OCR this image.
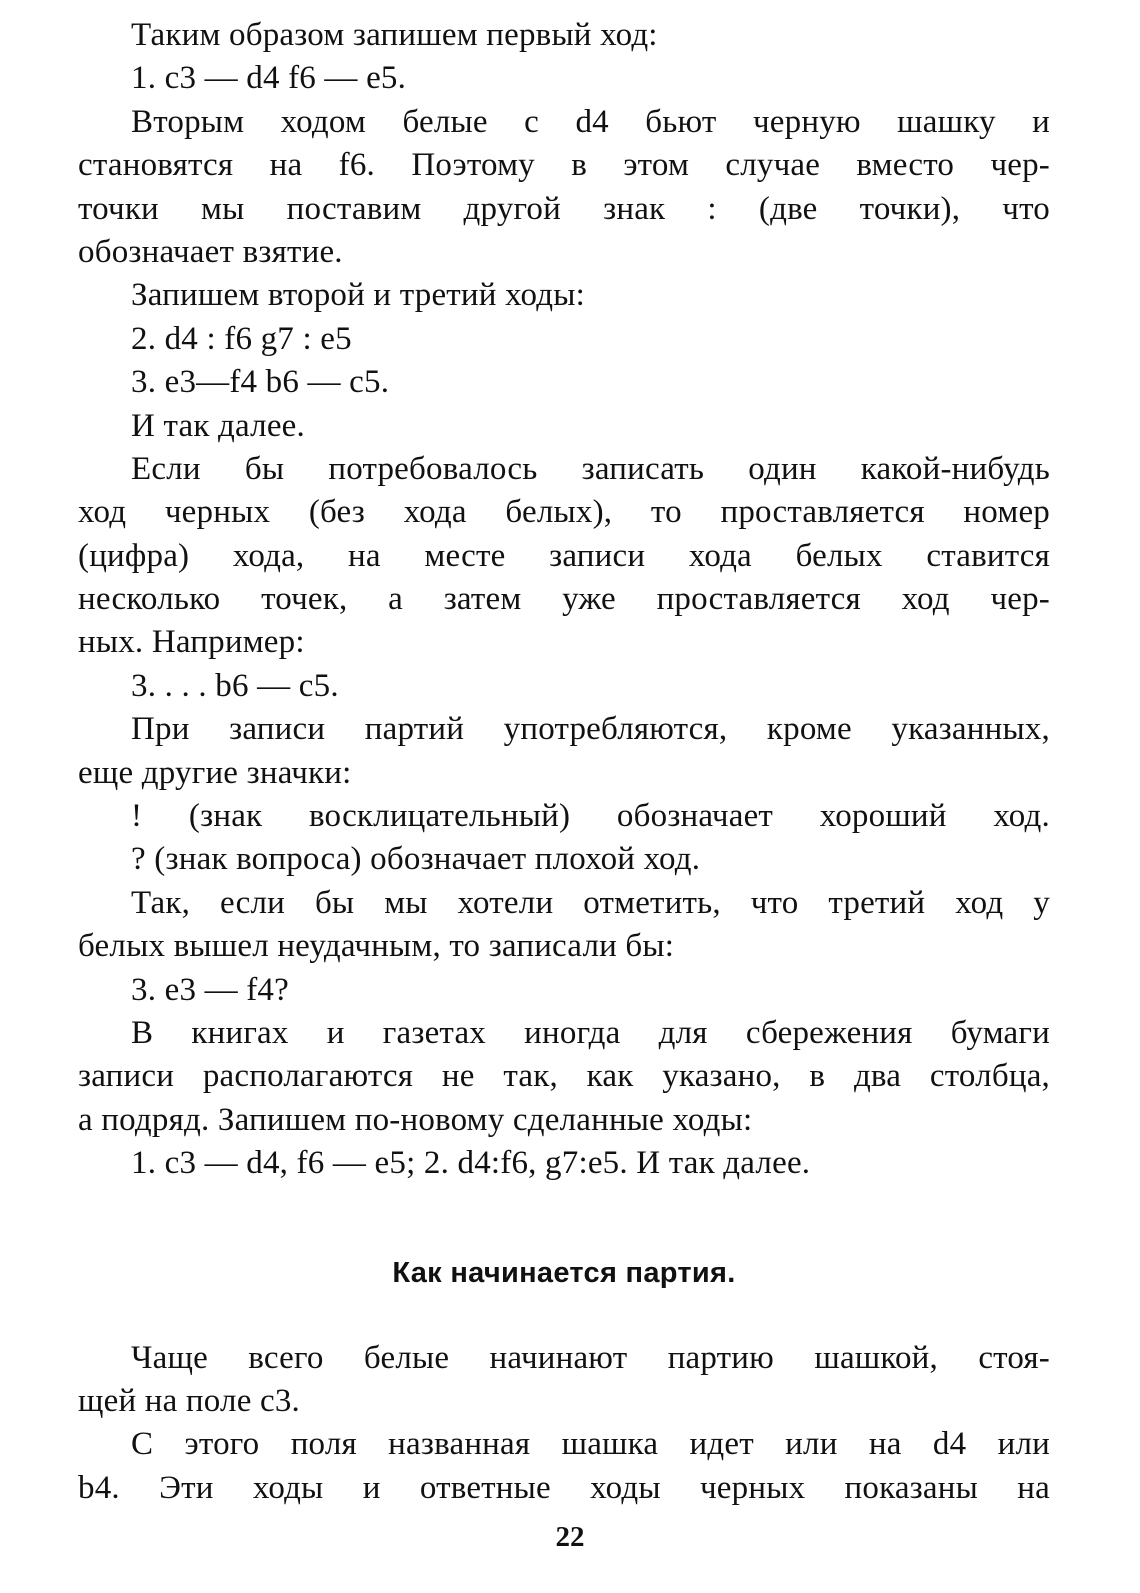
Таким образом запишем первый ход:
1. c3 — d4 f6 — e5.
Вторым ходом белые с d4 бьют черную шашку и
становятся на f6. Поэтому в этом случае вместо чер-
точки мы поставим другой знак : (две точки), что
обозначает взятие.
Запишем второй и третий ходы:
2. d4 : f6 g7 : e5
3. e3—f4 b6 — c5.
И так далее.
Если бы потребовалось записать один какой-нибудь
ход черных (без хода белых), то проставляется номер
(цифра) хода, на месте записи хода белых ставится
несколько точек, а затем уже проставляется ход чер-
ных. Например:
3. . . . b6 — c5.
При записи партий употребляются, кроме указанных,
еще другие значки:
! (знак восклицательный) обозначает хороший ход.
? (знак вопроса) обозначает плохой ход.
Так, если бы мы хотели отметить, что третий ход у
белых вышел неудачным, то записали бы:
3. e3 — f4?
В книгах и газетах иногда для сбережения бумаги
записи располагаются не так, как указано, в два столбца,
а подряд. Запишем по-новому сделанные ходы:
1. c3 — d4, f6 — e5; 2. d4:f6, g7:e5. И так далее.
Как начинается партия.
Чаще всего белые начинают партию шашкой, стоя-
щей на поле c3.
С этого поля названная шашка идет или на d4 или
b4. Эти ходы и ответные ходы черных показаны на
22
